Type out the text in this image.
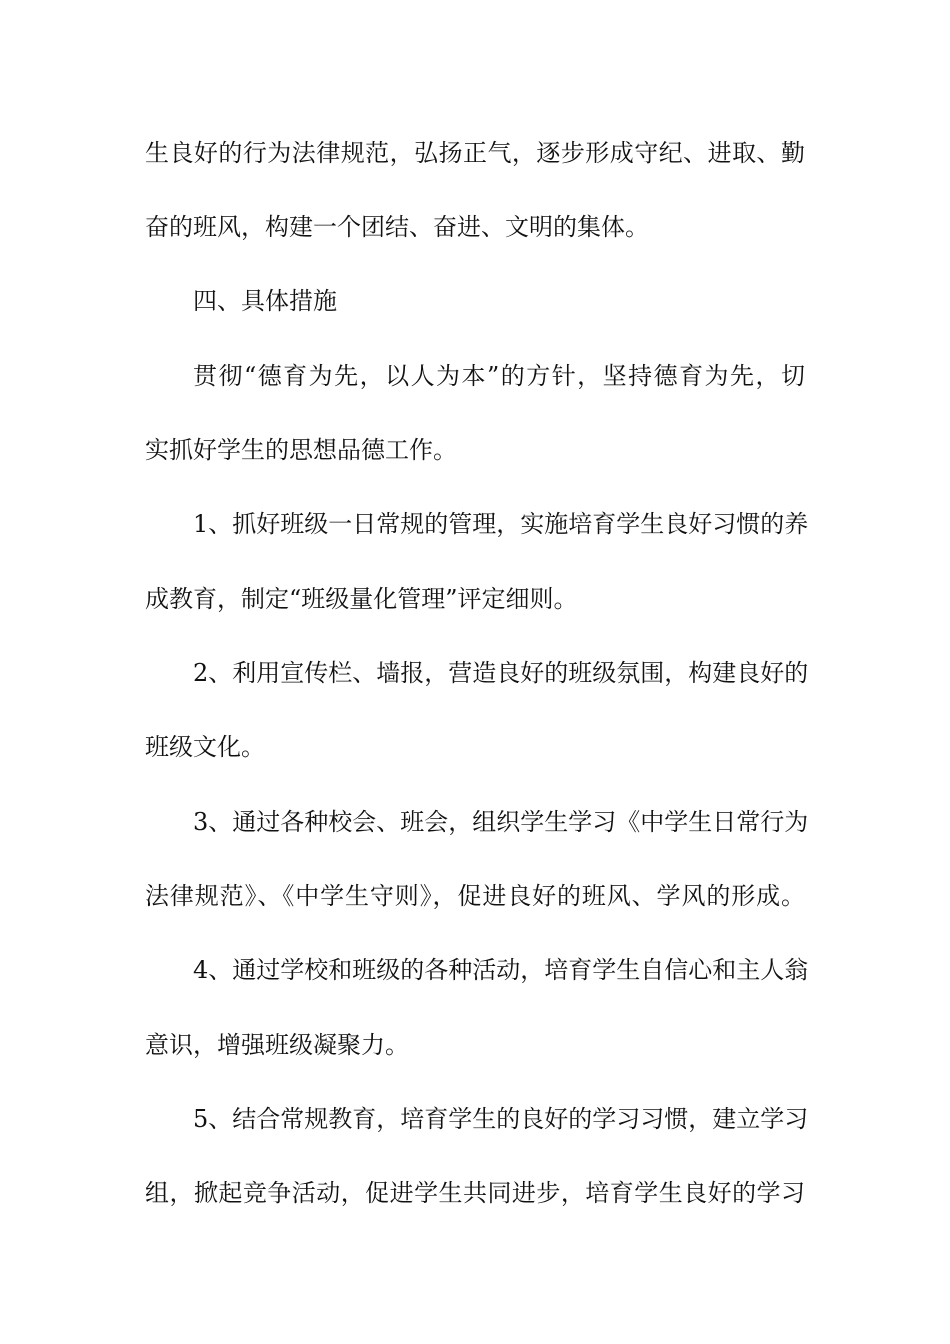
生良好的行为法律规范，弘扬正气，逐步形成守纪、进取、勤
奋的班风，构建一个团结、奋进、文明的集体。
四、具体措施
贯彻“德育为先，以人为本”的方针，坚持德育为先，切
实抓好学生的思想品德工作。
1、抓好班级一日常规的管理，实施培育学生良好习惯的养
成教育，制定“班级量化管理”评定细则。
2、利用宣传栏、墙报，营造良好的班级氛围，构建良好的
班级文化。
3、通过各种校会、班会，组织学生学习《中学生日常行为
法律规范》、《中学生守则》，促进良好的班风、学风的形成。
4、通过学校和班级的各种活动，培育学生自信心和主人翁
意识，增强班级凝聚力。
5、结合常规教育，培育学生的良好的学习习惯，建立学习
组，掀起竞争活动，促进学生共同进步，培育学生良好的学习
